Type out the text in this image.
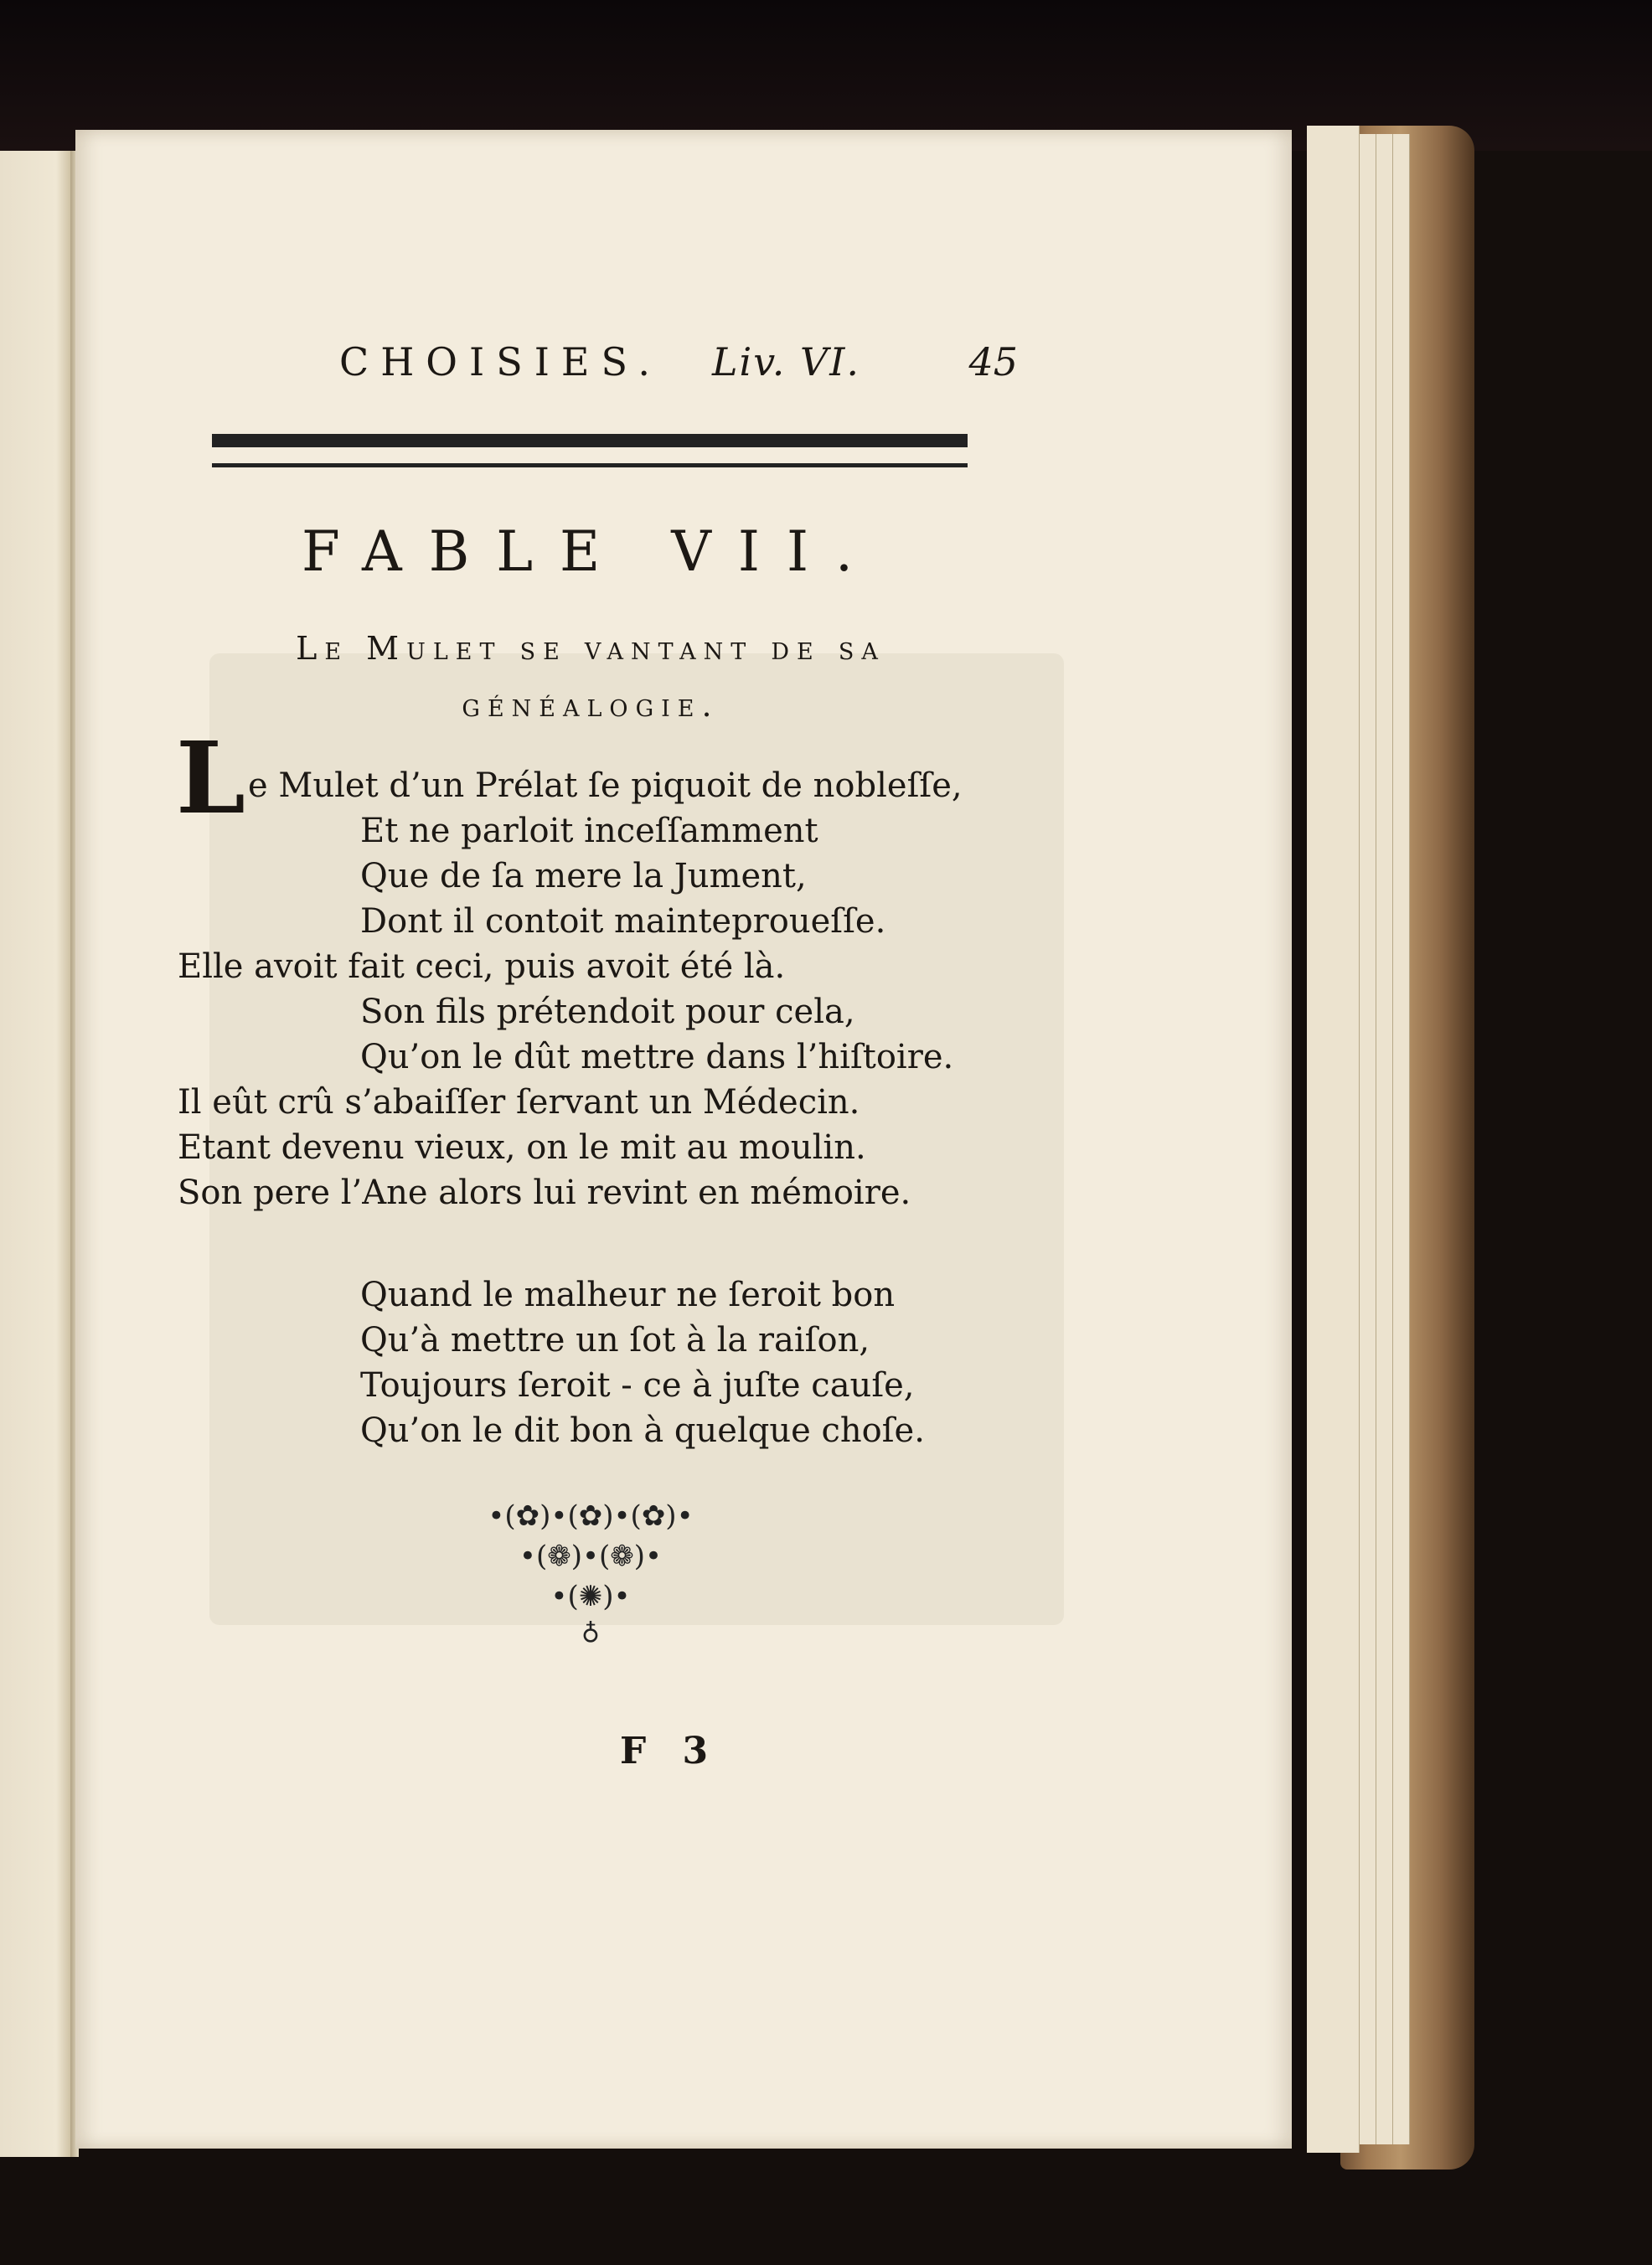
CHOISIES. Liv. VI.	45
FABLE VII.
Le Mulet se vantant de sa
généalogie.
L e Mulet d’un Prélat ſe piquoit de nobleſſe,
Et ne parloit inceſſamment
Que de ſa mere la Jument,
Dont il contoit mainteproueſſe.
Elle avoit fait ceci, puis avoit été là.
Son fils prétendoit pour cela,
Qu’on le dût mettre dans l’hiſtoire.
Il eût crû s’abaiſſer ſervant un Médecin.
Etant devenu vieux, on le mit au moulin.
Son pere l’Ane alors lui revint en mémoire.
Quand le malheur ne ſeroit bon
Qu’à mettre un ſot à la raiſon,
Toujours ſeroit - ce à juſte cauſe,
Qu’on le dit bon à quelque choſe.
•(✿)•(✿)•(✿)•
•(❁)•(❁)•
•(✺)•
♁
F 3
